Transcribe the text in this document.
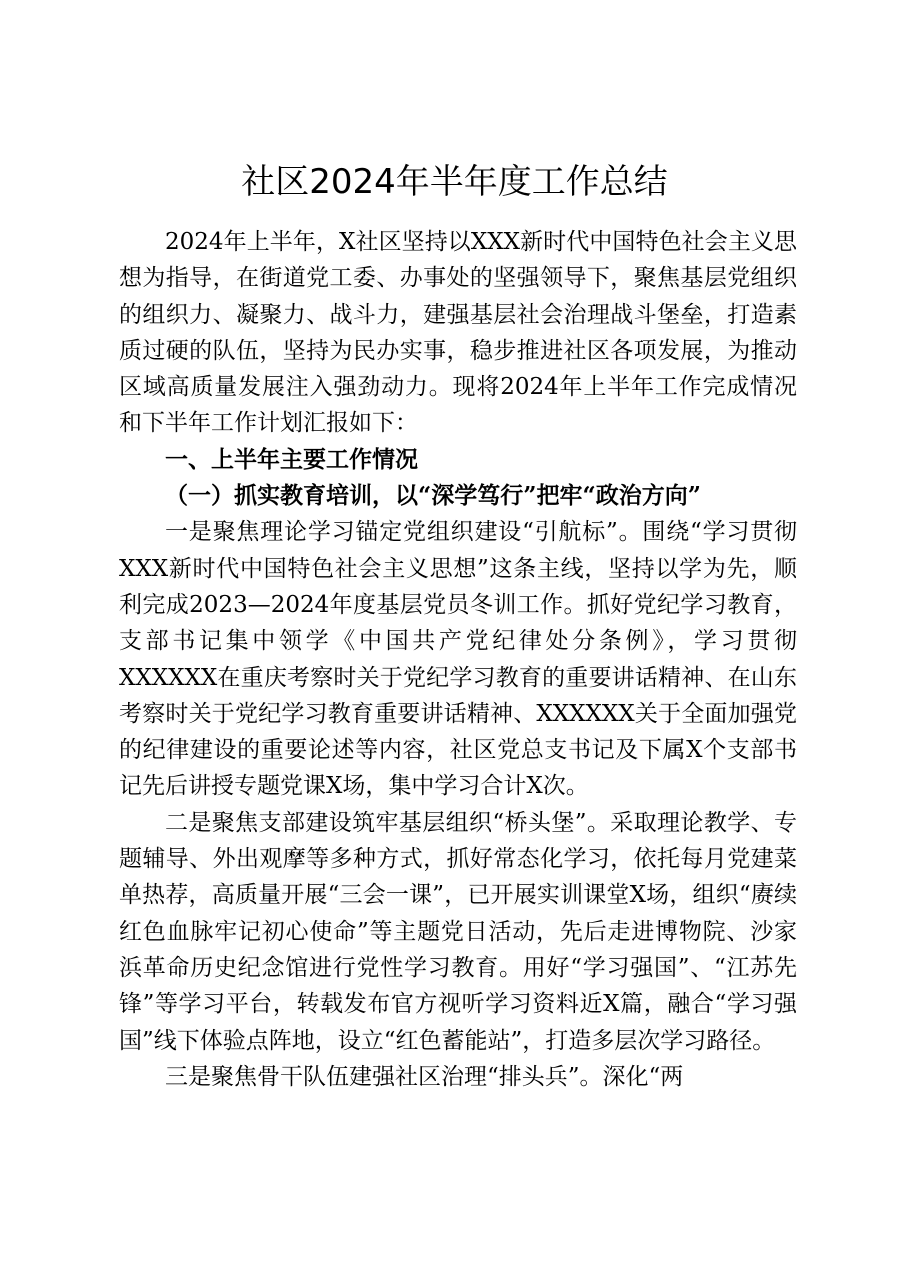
社区2024年半年度工作总结

2024年上半年，X社区坚持以XXX新时代中国特色社会主义思想为指导，在街道党工委、办事处的坚强领导下，聚焦基层党组织的组织力、凝聚力、战斗力，建强基层社会治理战斗堡垒，打造素质过硬的队伍，坚持为民办实事，稳步推进社区各项发展，为推动区域高质量发展注入强劲动力。现将2024年上半年工作完成情况和下半年工作计划汇报如下：

一、上半年主要工作情况

（一）抓实教育培训，以“深学笃行”把牢“政治方向”

一是聚焦理论学习锚定党组织建设“引航标”。围绕“学习贯彻XXX新时代中国特色社会主义思想”这条主线，坚持以学为先，顺利完成2023—2024年度基层党员冬训工作。抓好党纪学习教育，支部书记集中领学《中国共产党纪律处分条例》，学习贯彻XXXXXX在重庆考察时关于党纪学习教育的重要讲话精神、在山东考察时关于党纪学习教育重要讲话精神、XXXXXX关于全面加强党的纪律建设的重要论述等内容，社区党总支书记及下属X个支部书记先后讲授专题党课X场，集中学习合计X次。

二是聚焦支部建设筑牢基层组织“桥头堡”。采取理论教学、专题辅导、外出观摩等多种方式，抓好常态化学习，依托每月党建菜单热荐，高质量开展“三会一课”，已开展实训课堂X场，组织“赓续红色血脉牢记初心使命”等主题党日活动，先后走进博物院、沙家浜革命历史纪念馆进行党性学习教育。用好“学习强国”、“江苏先锋”等学习平台，转载发布官方视听学习资料近X篇，融合“学习强国”线下体验点阵地，设立“红色蓄能站”，打造多层次学习路径。

三是聚焦骨干队伍建强社区治理“排头兵”。深化“两
